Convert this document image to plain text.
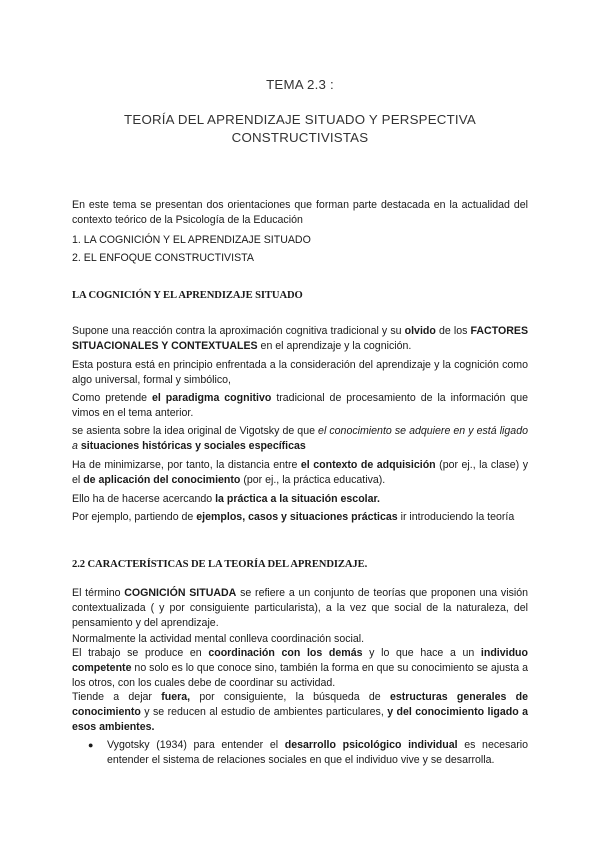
TEMA 2.3 :
TEORÍA DEL APRENDIZAJE SITUADO Y PERSPECTIVA
CONSTRUCTIVISTAS
En este tema se presentan dos orientaciones que forman parte destacada en la actualidad del contexto teórico de la Psicología de la Educación
1. LA COGNICIÓN Y EL APRENDIZAJE SITUADO
2. EL ENFOQUE CONSTRUCTIVISTA
LA COGNICIÓN Y EL APRENDIZAJE SITUADO
Supone una reacción contra la aproximación cognitiva tradicional y su olvido de los FACTORES SITUACIONALES Y CONTEXTUALES en el aprendizaje y la cognición.
Esta postura está en principio enfrentada a la consideración del aprendizaje y la cognición como algo universal, formal y simbólico,
Como pretende el paradigma cognitivo tradicional de procesamiento de la información que vimos en el tema anterior.
se asienta sobre la idea original de Vigotsky de que el conocimiento se adquiere en y está ligado a situaciones históricas y sociales específicas
Ha de minimizarse, por tanto, la distancia entre el contexto de adquisición (por ej., la clase) y el de aplicación del conocimiento (por ej., la práctica educativa).
Ello ha de hacerse acercando la práctica a la situación escolar.
Por ejemplo, partiendo de ejemplos, casos y situaciones prácticas ir introduciendo la teoría
2.2 CARACTERÍSTICAS DE LA TEORÍA DEL APRENDIZAJE.
El término COGNICIÓN SITUADA se refiere a un conjunto de teorías que proponen una visión contextualizada ( y por consiguiente particularista), a la vez que social de la naturaleza, del pensamiento y del aprendizaje.
Normalmente la actividad mental conlleva coordinación social.
El trabajo se produce en coordinación con los demás y lo que hace a un individuo competente no solo es lo que conoce sino, también la forma en que su conocimiento se ajusta a los otros, con los cuales debe de coordinar su actividad.
Tiende a dejar fuera, por consiguiente, la búsqueda de estructuras generales de conocimiento y se reducen al estudio de ambientes particulares, y del conocimiento ligado a esos ambientes.
● Vygotsky (1934) para entender el desarrollo psicológico individual es necesario entender el sistema de relaciones sociales en que el individuo vive y se desarrolla.
